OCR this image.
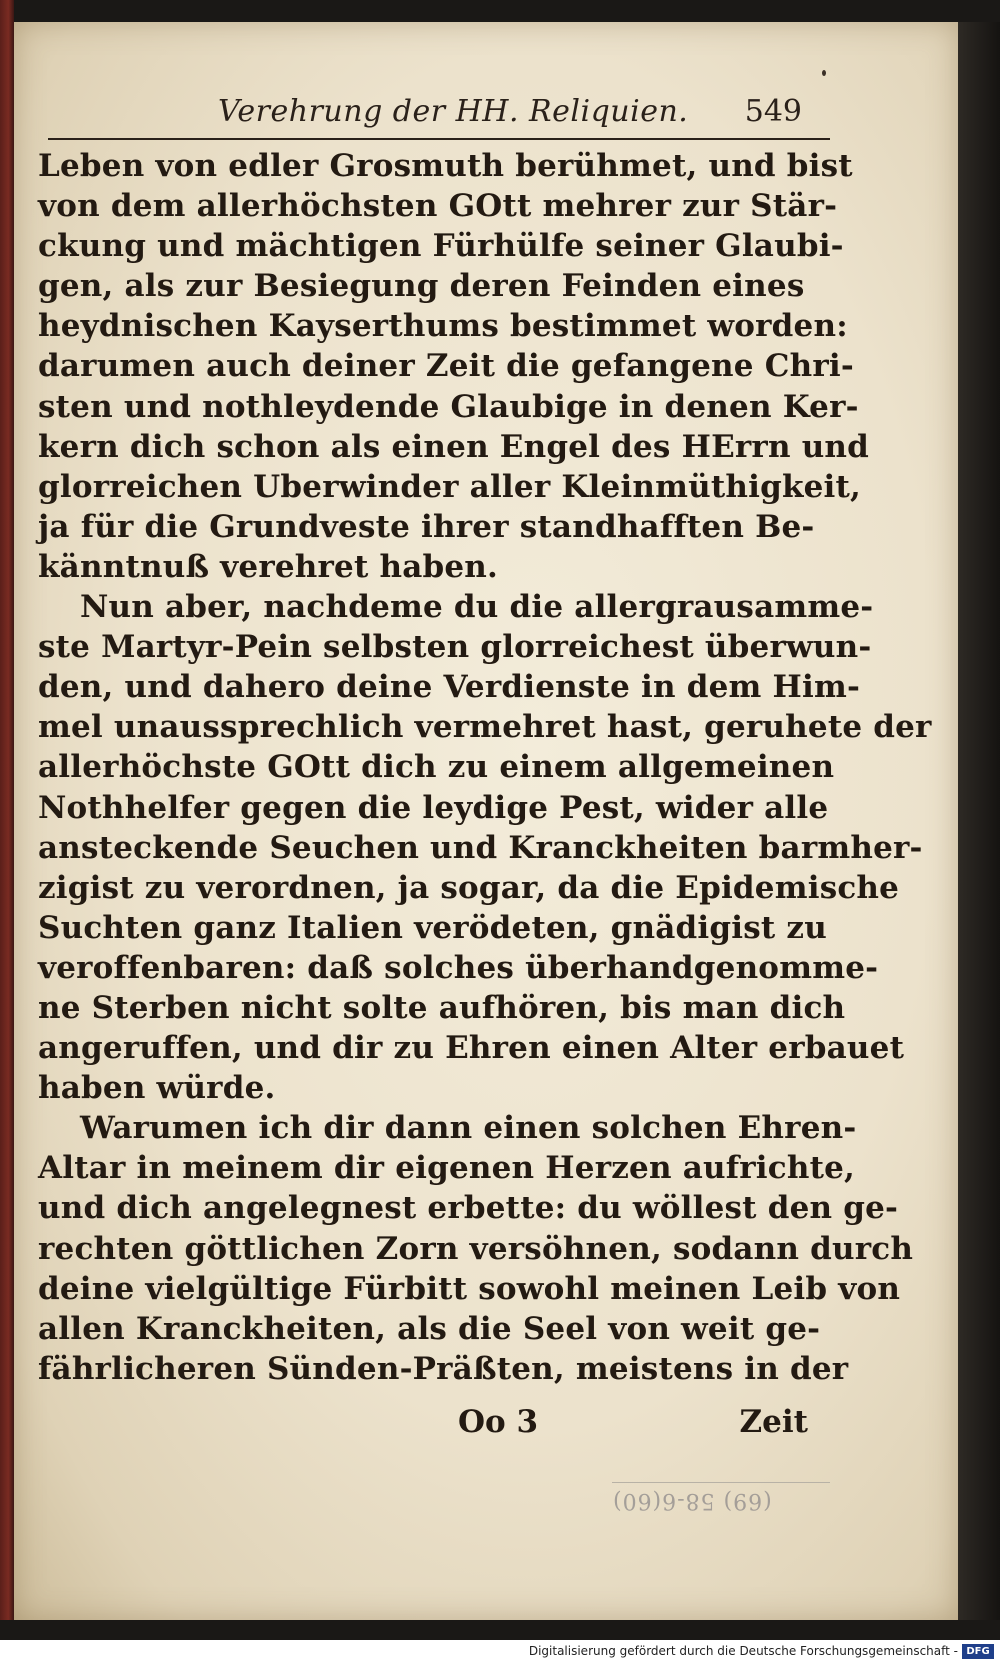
Verehrung der HH. Reliquien. 549
Leben von edler Grosmuth berühmet, und bist
von dem allerhöchsten GOtt mehrer zur Stär-
ckung und mächtigen Fürhülfe seiner Glaubi-
gen, als zur Besiegung deren Feinden eines
heydnischen Kayserthums bestimmet worden:
darumen auch deiner Zeit die gefangene Chri-
sten und nothleydende Glaubige in denen Ker-
kern dich schon als einen Engel des HErrn und
glorreichen Uberwinder aller Kleinmüthigkeit,
ja für die Grundveste ihrer standhafften Be-
känntnuß verehret haben.
Nun aber, nachdeme du die allergrausamme-
ste Martyr-Pein selbsten glorreichest überwun-
den, und dahero deine Verdienste in dem Him-
mel unaussprechlich vermehret hast, geruhete der
allerhöchste GOtt dich zu einem allgemeinen
Nothhelfer gegen die leydige Pest, wider alle
ansteckende Seuchen und Kranckheiten barmher-
zigist zu verordnen, ja sogar, da die Epidemische
Suchten ganz Italien verödeten, gnädigist zu
veroffenbaren: daß solches überhandgenomme-
ne Sterben nicht solte aufhören, bis man dich
angeruffen, und dir zu Ehren einen Alter erbauet
haben würde.
Warumen ich dir dann einen solchen Ehren-
Altar in meinem dir eigenen Herzen aufrichte,
und dich angelegnest erbette: du wöllest den ge-
rechten göttlichen Zorn versöhnen, sodann durch
deine vielgültige Fürbitt sowohl meinen Leib von
allen Kranckheiten, als die Seel von weit ge-
fährlicheren Sünden-Präßten, meistens in der
Oo 3	Zeit
(69) 58-6(60)
Digitalisierung gefördert durch die Deutsche Forschungsgemeinschaft - DFG
